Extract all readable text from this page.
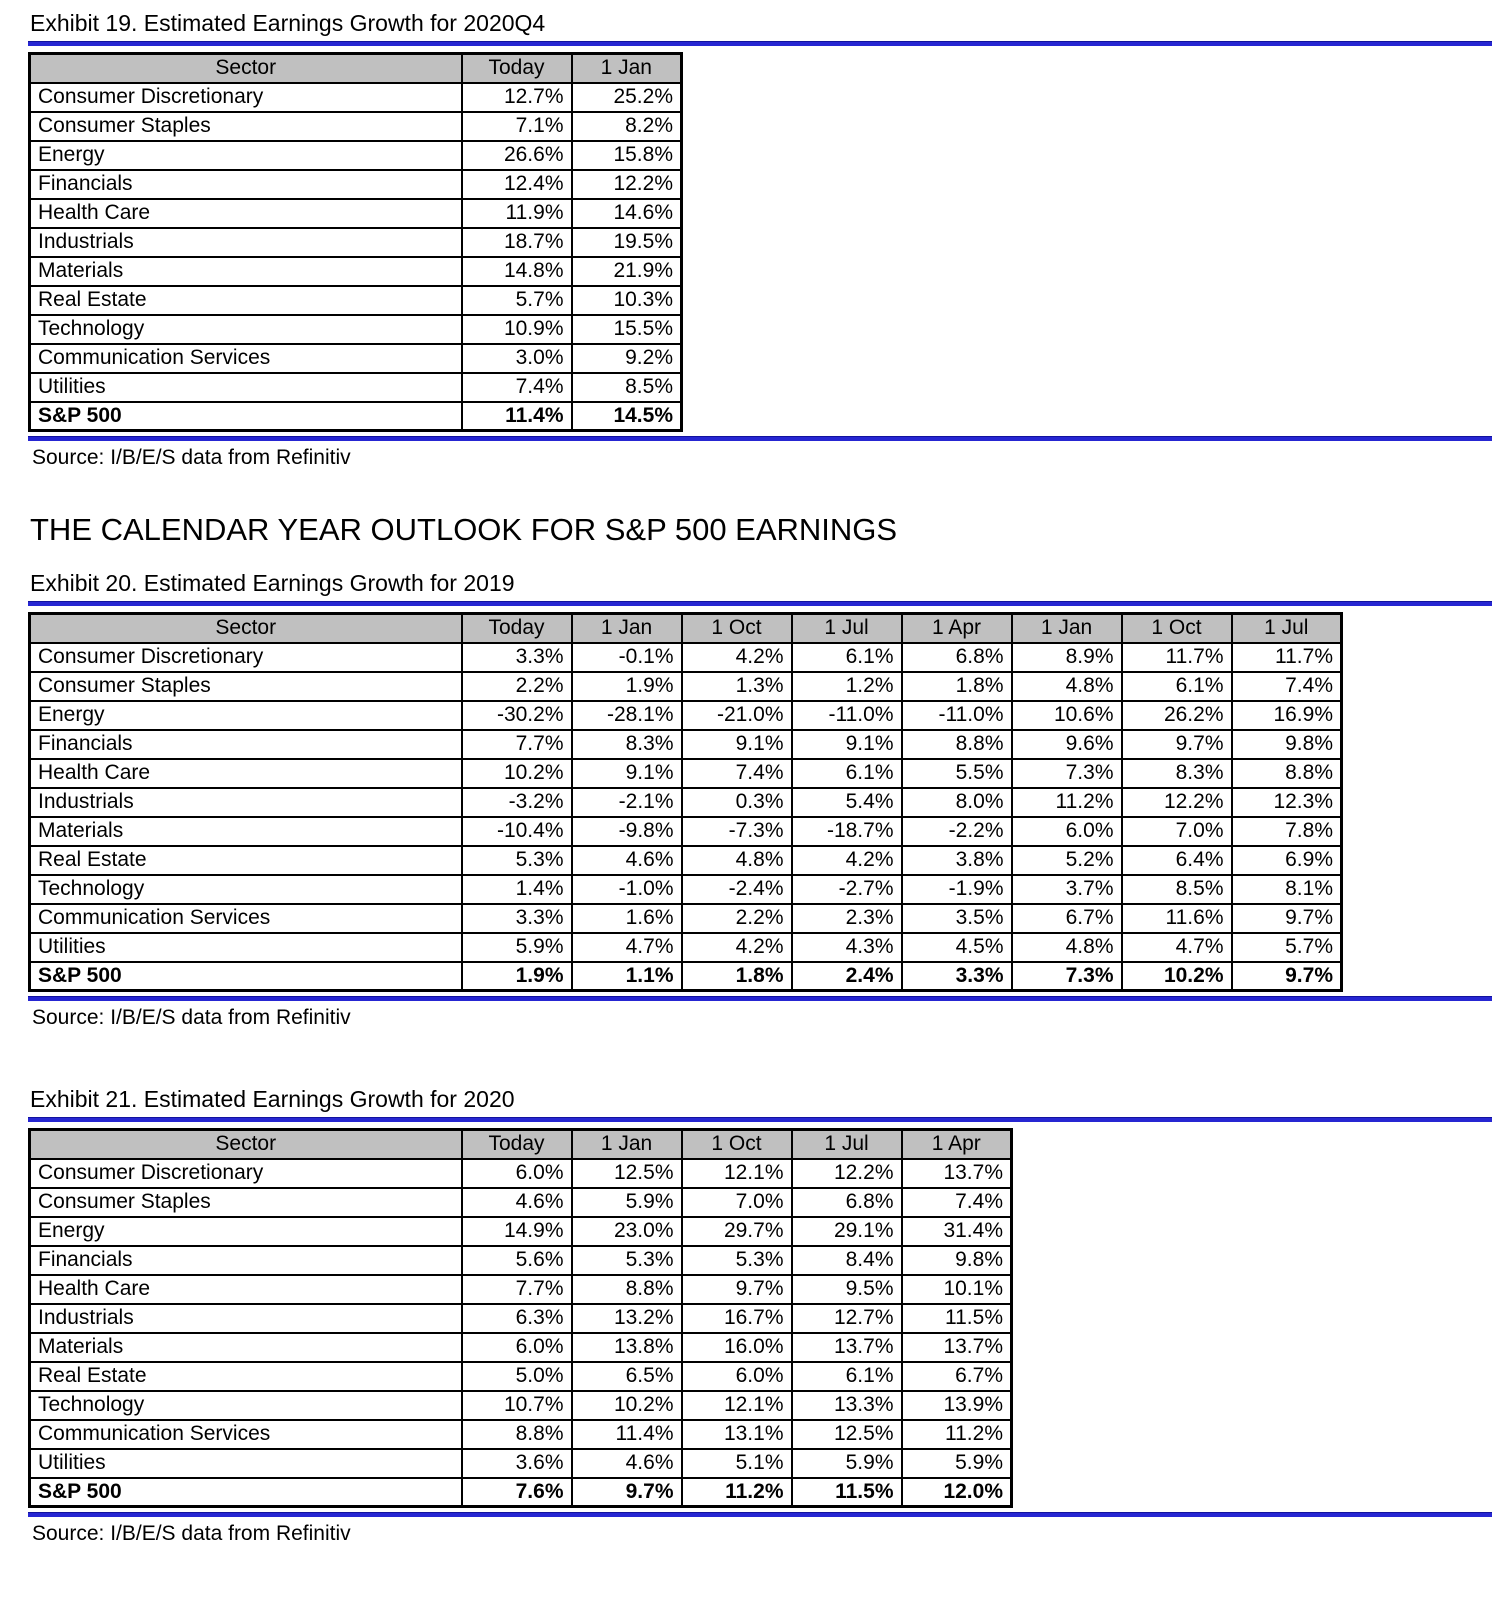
Exhibit 19. Estimated Earnings Growth for 2020Q4
Sector	Today	1 Jan
Consumer Discretionary	12.7%	25.2%
Consumer Staples	7.1%	8.2%
Energy	26.6%	15.8%
Financials	12.4%	12.2%
Health Care	11.9%	14.6%
Industrials	18.7%	19.5%
Materials	14.8%	21.9%
Real Estate	5.7%	10.3%
Technology	10.9%	15.5%
Communication Services	3.0%	9.2%
Utilities	7.4%	8.5%
S&P 500	11.4%	14.5%
Source: I/B/E/S data from Refinitiv
THE CALENDAR YEAR OUTLOOK FOR S&P 500 EARNINGS
Exhibit 20. Estimated Earnings Growth for 2019
Sector	Today	1 Jan	1 Oct	1 Jul	1 Apr	1 Jan	1 Oct	1 Jul
Consumer Discretionary	3.3%	-0.1%	4.2%	6.1%	6.8%	8.9%	11.7%	11.7%
Consumer Staples	2.2%	1.9%	1.3%	1.2%	1.8%	4.8%	6.1%	7.4%
Energy	-30.2%	-28.1%	-21.0%	-11.0%	-11.0%	10.6%	26.2%	16.9%
Financials	7.7%	8.3%	9.1%	9.1%	8.8%	9.6%	9.7%	9.8%
Health Care	10.2%	9.1%	7.4%	6.1%	5.5%	7.3%	8.3%	8.8%
Industrials	-3.2%	-2.1%	0.3%	5.4%	8.0%	11.2%	12.2%	12.3%
Materials	-10.4%	-9.8%	-7.3%	-18.7%	-2.2%	6.0%	7.0%	7.8%
Real Estate	5.3%	4.6%	4.8%	4.2%	3.8%	5.2%	6.4%	6.9%
Technology	1.4%	-1.0%	-2.4%	-2.7%	-1.9%	3.7%	8.5%	8.1%
Communication Services	3.3%	1.6%	2.2%	2.3%	3.5%	6.7%	11.6%	9.7%
Utilities	5.9%	4.7%	4.2%	4.3%	4.5%	4.8%	4.7%	5.7%
S&P 500	1.9%	1.1%	1.8%	2.4%	3.3%	7.3%	10.2%	9.7%
Source: I/B/E/S data from Refinitiv
Exhibit 21. Estimated Earnings Growth for 2020
Sector	Today	1 Jan	1 Oct	1 Jul	1 Apr
Consumer Discretionary	6.0%	12.5%	12.1%	12.2%	13.7%
Consumer Staples	4.6%	5.9%	7.0%	6.8%	7.4%
Energy	14.9%	23.0%	29.7%	29.1%	31.4%
Financials	5.6%	5.3%	5.3%	8.4%	9.8%
Health Care	7.7%	8.8%	9.7%	9.5%	10.1%
Industrials	6.3%	13.2%	16.7%	12.7%	11.5%
Materials	6.0%	13.8%	16.0%	13.7%	13.7%
Real Estate	5.0%	6.5%	6.0%	6.1%	6.7%
Technology	10.7%	10.2%	12.1%	13.3%	13.9%
Communication Services	8.8%	11.4%	13.1%	12.5%	11.2%
Utilities	3.6%	4.6%	5.1%	5.9%	5.9%
S&P 500	7.6%	9.7%	11.2%	11.5%	12.0%
Source: I/B/E/S data from Refinitiv
